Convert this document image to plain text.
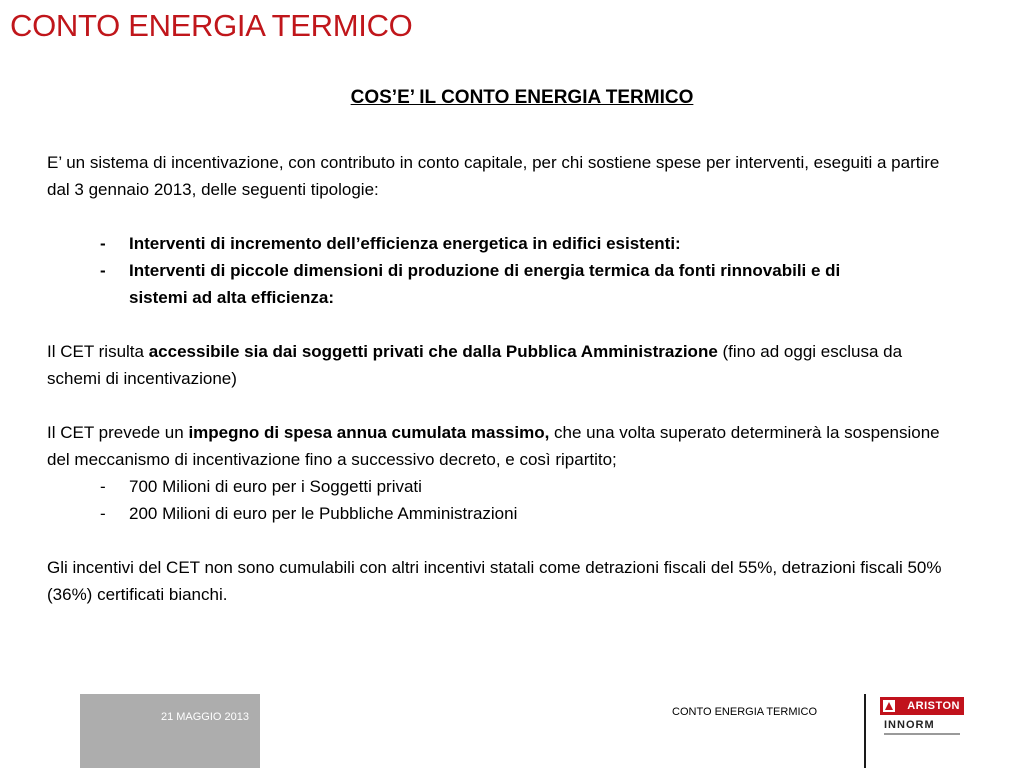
CONTO ENERGIA TERMICO
COS’E’ IL CONTO ENERGIA TERMICO

E’ un sistema di incentivazione, con contributo in conto capitale, per chi sostiene spese per interventi, eseguiti a partire dal 3 gennaio 2013, delle seguenti tipologie:

- Interventi di incremento dell’efficienza energetica in edifici esistenti:

- Interventi di piccole dimensioni di produzione di energia termica da fonti rinnovabili e di sistemi ad alta efficienza:

Il CET risulta accessibile sia dai soggetti privati che dalla Pubblica Amministrazione (fino ad oggi esclusa da schemi di incentivazione)

Il CET prevede un impegno di spesa annua cumulata massimo, che una volta superato determinerà la sospensione del meccanismo di incentivazione fino a successivo decreto, e così ripartito;

- 700 Milioni di euro per i Soggetti privati

- 200 Milioni di euro per le Pubbliche Amministrazioni

Gli incentivi del CET non sono cumulabili con altri incentivi statali come detrazioni fiscali del 55%, detrazioni fiscali 50% (36%) certificati bianchi.

21 MAGGIO 2013	CONTO ENERGIA TERMICO	ARISTON
INNORM
